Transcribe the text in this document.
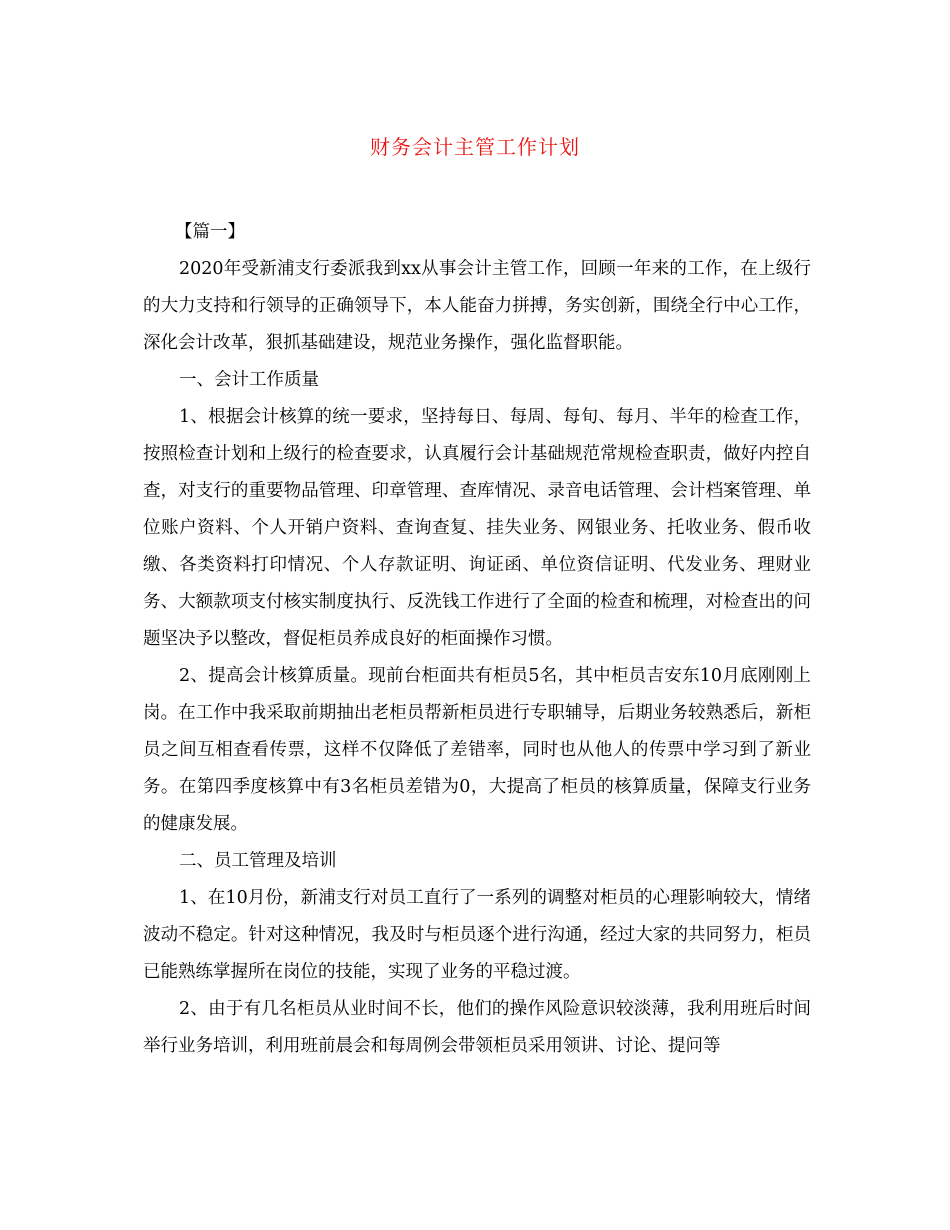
财务会计主管工作计划

【篇一】

2020年受新浦支行委派我到xx从事会计主管工作，回顾一年来的工作，在上级行的大力支持和行领导的正确领导下，本人能奋力拼搏，务实创新，围绕全行中心工作，深化会计改革，狠抓基础建设，规范业务操作，强化监督职能。

一、会计工作质量

1、根据会计核算的统一要求，坚持每日、每周、每旬、每月、半年的检查工作，按照检查计划和上级行的检查要求，认真履行会计基础规范常规检查职责，做好内控自查，对支行的重要物品管理、印章管理、查库情况、录音电话管理、会计档案管理、单位账户资料、个人开销户资料、查询查复、挂失业务、网银业务、托收业务、假币收缴、各类资料打印情况、个人存款证明、询证函、单位资信证明、代发业务、理财业务、大额款项支付核实制度执行、反洗钱工作进行了全面的检查和梳理，对检查出的问题坚决予以整改，督促柜员养成良好的柜面操作习惯。

2、提高会计核算质量。现前台柜面共有柜员5名，其中柜员吉安东10月底刚刚上岗。在工作中我采取前期抽出老柜员帮新柜员进行专职辅导，后期业务较熟悉后，新柜员之间互相查看传票，这样不仅降低了差错率，同时也从他人的传票中学习到了新业务。在第四季度核算中有3名柜员差错为0，大提高了柜员的核算质量，保障支行业务的健康发展。

二、员工管理及培训

1、在10月份，新浦支行对员工直行了一系列的调整对柜员的心理影响较大，情绪波动不稳定。针对这种情况，我及时与柜员逐个进行沟通，经过大家的共同努力，柜员已能熟练掌握所在岗位的技能，实现了业务的平稳过渡。

2、由于有几名柜员从业时间不长，他们的操作风险意识较淡薄，我利用班后时间举行业务培训，利用班前晨会和每周例会带领柜员采用领讲、讨论、提问等
